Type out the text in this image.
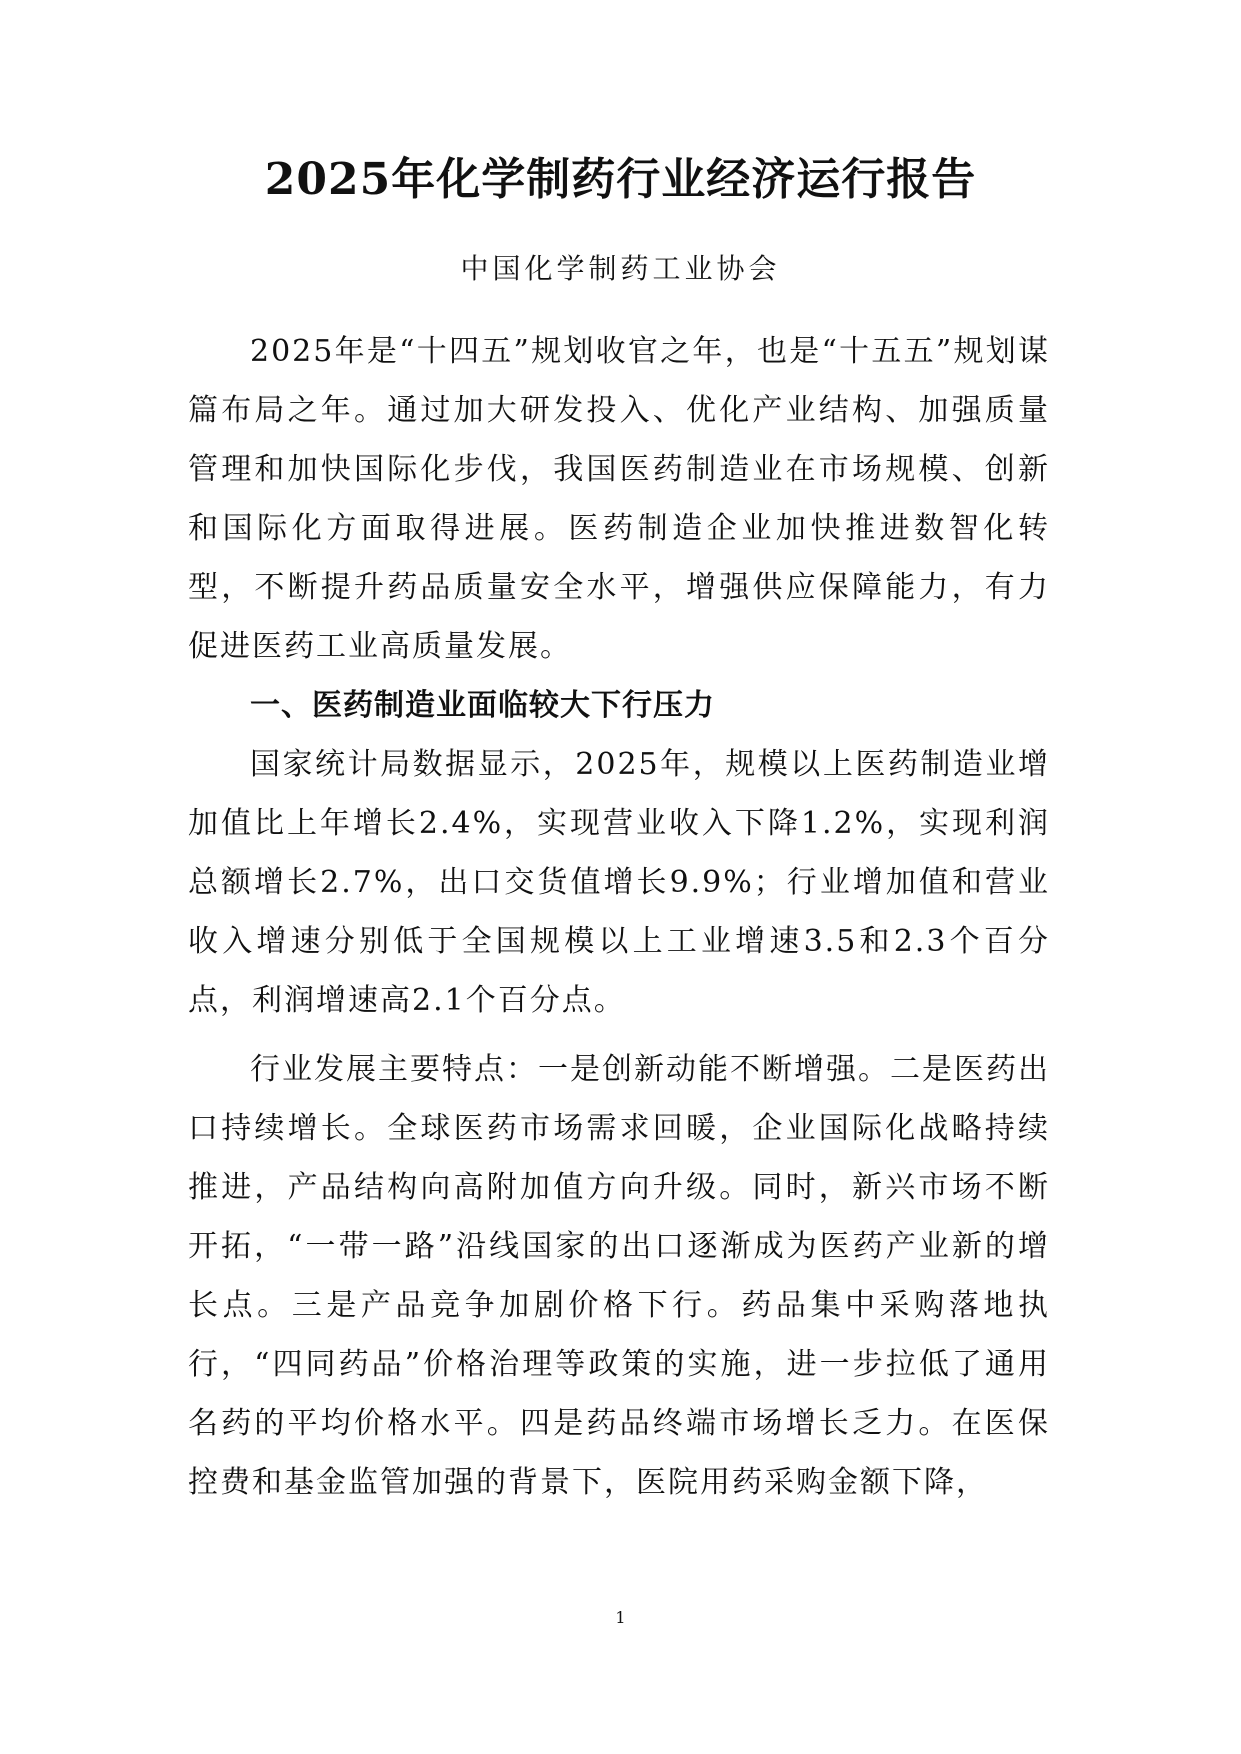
2025年化学制药行业经济运行报告
中国化学制药工业协会

2025年是“十四五”规划收官之年，也是“十五五”规划谋篇布局之年。通过加大研发投入、优化产业结构、加强质量管理和加快国际化步伐，我国医药制造业在市场规模、创新和国际化方面取得进展。医药制造企业加快推进数智化转型，不断提升药品质量安全水平，增强供应保障能力，有力促进医药工业高质量发展。

一、医药制造业面临较大下行压力

国家统计局数据显示，2025年，规模以上医药制造业增加值比上年增长2.4%，实现营业收入下降1.2%，实现利润总额增长2.7%，出口交货值增长9.9%；行业增加值和营业收入增速分别低于全国规模以上工业增速3.5和2.3个百分点，利润增速高2.1个百分点。

行业发展主要特点：一是创新动能不断增强。二是医药出口持续增长。全球医药市场需求回暖，企业国际化战略持续推进，产品结构向高附加值方向升级。同时，新兴市场不断开拓，“一带一路”沿线国家的出口逐渐成为医药产业新的增长点。三是产品竞争加剧价格下行。药品集中采购落地执行，“四同药品”价格治理等政策的实施，进一步拉低了通用名药的平均价格水平。四是药品终端市场增长乏力。在医保控费和基金监管加强的背景下，医院用药采购金额下降，

1
